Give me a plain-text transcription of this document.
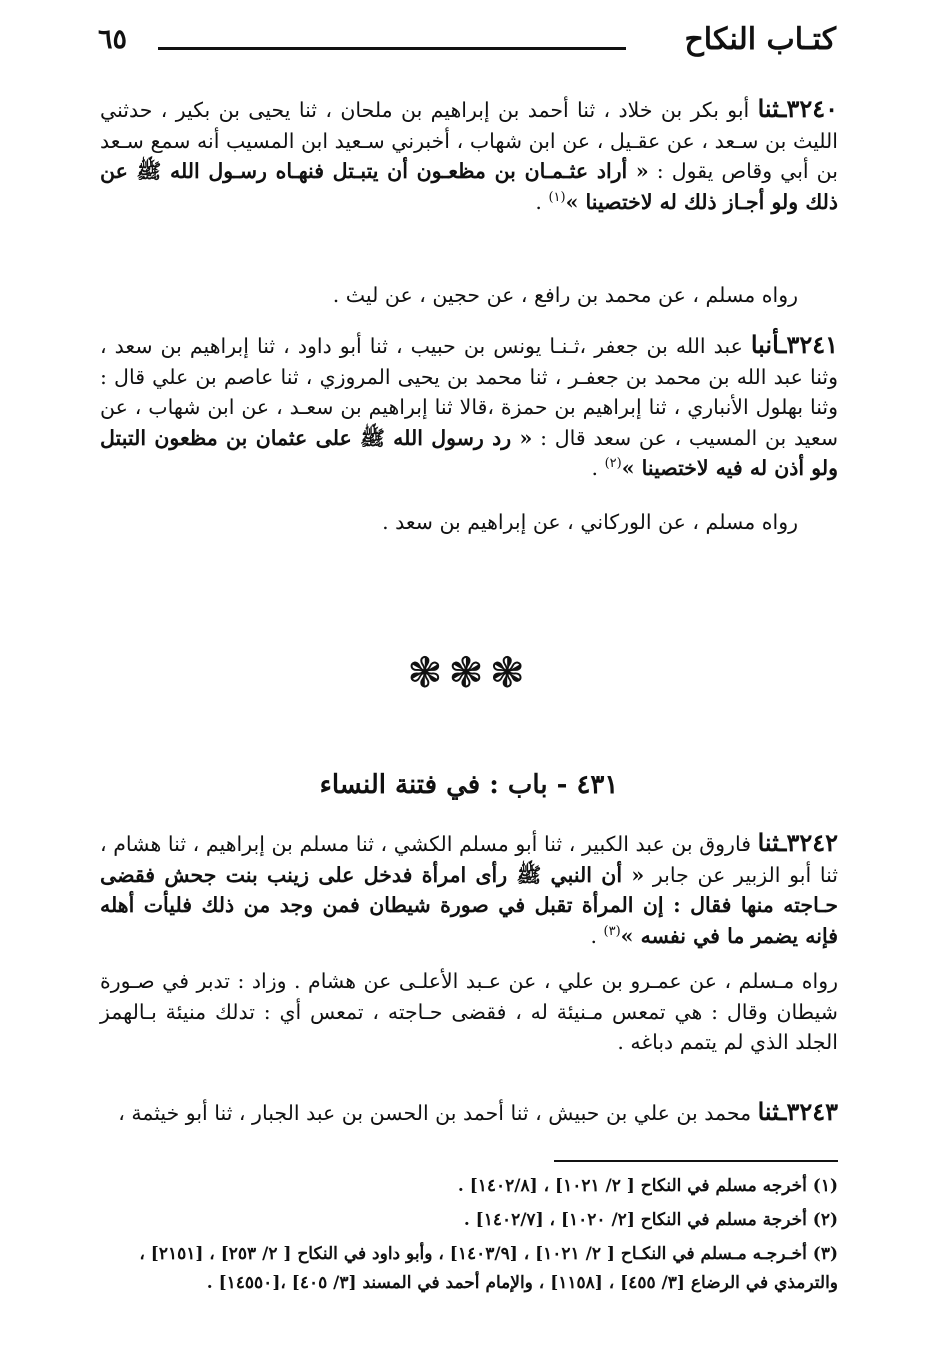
كتـاب النكاح
٦٥
٣٢٤٠ـثنا أبو بكر بن خلاد ، ثنا أحمد بن إبراهيم بن ملحان ، ثنا يحيى بن بكير ، حدثني الليث بن سـعد ، عن عقـيل ، عن ابن شهاب ، أخبرني سـعيد ابن المسيب أنه سمع سـعد بن أبي وقاص يقول : « أراد عثـمـان بن مظعـون أن يتبـتل فنهـاه رسـول الله ﷺ عن ذلك ولو أجـاز ذلك له لاختصينا »$^{(١)}$ .
رواه مسلم ، عن محمد بن رافع ، عن حجين ، عن ليث .
٣٢٤١ـأنبا عبد الله بن جعفر ،ثـنـا يونس بن حبيب ، ثنا أبو داود ، ثنا إبراهيم بن سعد ، وثنا عبد الله بن محمد بن جعفـر ، ثنا محمد بن يحيى المروزي ، ثنا عاصم بن علي قال : وثنا بهلول الأنباري ، ثنا إبراهيم بن حمزة ،قالا ثنا إبراهيم بن سعـد ، عن ابن شهاب ، عن سعيد بن المسيب ، عن سعد قال : « رد رسول الله ﷺ على عثمان بن مظعون التبتل ولو أذن له فيه لاختصينا »$^{(٢)}$ .
رواه مسلم ، عن الوركاني ، عن إبراهيم بن سعد .
❃❃❃
٤٣١ - باب : في فتنة النساء
٣٢٤٢ـثنا فاروق بن عبد الكبير ، ثنا أبو مسلم الكشي ، ثنا مسلم بن إبراهيم ، ثنا هشام ، ثنا أبو الزبير عن جابر « أن النبي ﷺ رأى امرأة فدخل على زينب بنت جحش فقضى حـاجته منها فقال : إن المرأة تقبل في صورة شيطان فمن وجد من ذلك فليأت أهله فإنه يضمر ما في نفسه »$^{(٣)}$ .
رواه مـسلم ، عن عمـرو بن علي ، عن عـبد الأعلـى عن هشام . وزاد : تدبر في صـورة شيطان وقال : هي تمعس مـنيئة له ، فقضى حـاجته ، تمعس أي : تدلك منيئة بـالهمز الجلد الذي لم يتمم دباغه .
٣٢٤٣ـثنا محمد بن علي بن حبيش ، ثنا أحمد بن الحسن بن عبد الجبار ، ثنا أبو خيثمة ،
(١) أخرجه مسلم في النكاح [ ٢/ ١٠٢١] ، [١٤٠٢/٨] .
(٢) أخرجة مسلم في النكاح [٢/ ١٠٢٠] ، [١٤٠٢/٧] .
(٣) أخـرجـه مـسلم في النكـاح [ ٢/ ١٠٢١] ، [١٤٠٣/٩] ، وأبو داود في النكاح [ ٢/ ٢٥٣] ، [٢١٥١] ، والترمذي في الرضاع [٣/ ٤٥٥] ، [١١٥٨] ، والإمام أحمد في المسند [٣/ ٤٠٥] ،[١٤٥٥٠] .
